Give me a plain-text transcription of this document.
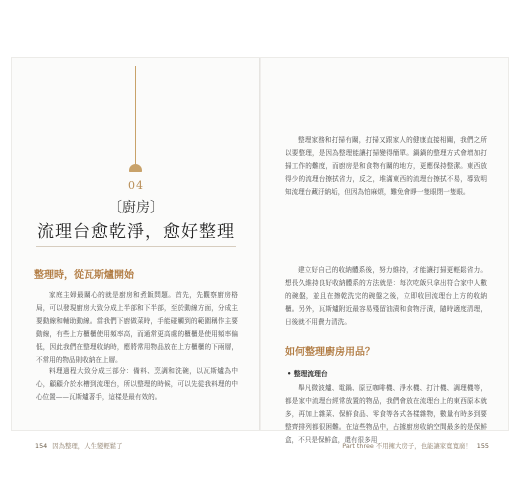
04
〔廚房〕
流理台愈乾淨，愈好整理
整理時，從瓦斯爐開始

家庭主婦最關心的就是廚房和煮飯問題。首先，先觀察廚房格局，可以發現廚房大致分成上半部和下半部，至於動線方面，分成主要動線和輔助動線。當我們下廚做菜時，手能碰觸到的範圍稱作主要動線，有些上方櫃櫃使用頻率高，而通常更高處的櫃櫃是使用頻率偏低，因此我們在整理收納時，應將常用物品放在上方櫃櫃的下兩層，不常用的物品則收納在上層。

料理過程大致分成三部分：備料、烹調和洗碗，以瓦斯爐為中心，顧顧介於水槽到流理台，所以整理的時候，可以先從我料理的中心位置——瓦斯爐著手，這樣是最有效的。

154 因為整理，人生變輕鬆了

整理家務和打掃有關，打掃又跟家人的健康直接相關，我們之所以要整理，是因為整理能讓打掃變得簡單。鍋鍋的整理方式會增加打掃工作的難度，而廚房是和食物有關的地方，更應保持整潔。東西放得少的流理台擦拭省力，反之，堆滿東西的流理台擦拭不易，導致明知流理台藏汙納垢，但因為怕麻煩，難免會睜一隻眼閉一隻眼。

建立好自己的收納體系後，努力維持，才能讓打掃更輕鬆省力。想長久維持良好收納體系的方法就是：每次吃飯只拿出符合家中人數的碗盤，並且在擦乾洗完的碗盤之後，立即收回流理台上方的收納櫃。另外，瓦斯爐附近最容易殘留油漬和食物汙漬，隨時適度清理，日後就不用費力清洗。

如何整理廚房用品？
• 整理流理台

舉凡微波爐、電鍋、原豆咖啡機、淨水機、打汁機、調理機等，都是家中流理台經常放置的物品，我們會放在流理台上的東西原本就多，再加上雜菜、保鮮食品、零食等各式各樣雜物，數量有時多到要整齊排列都很困難。在這些物品中，占據廚房收納空間最多的是保鮮盒，不只是保鮮盒，還有很多用

Part three 不用擁大房子，也能讓家寬寬廣！ 155
